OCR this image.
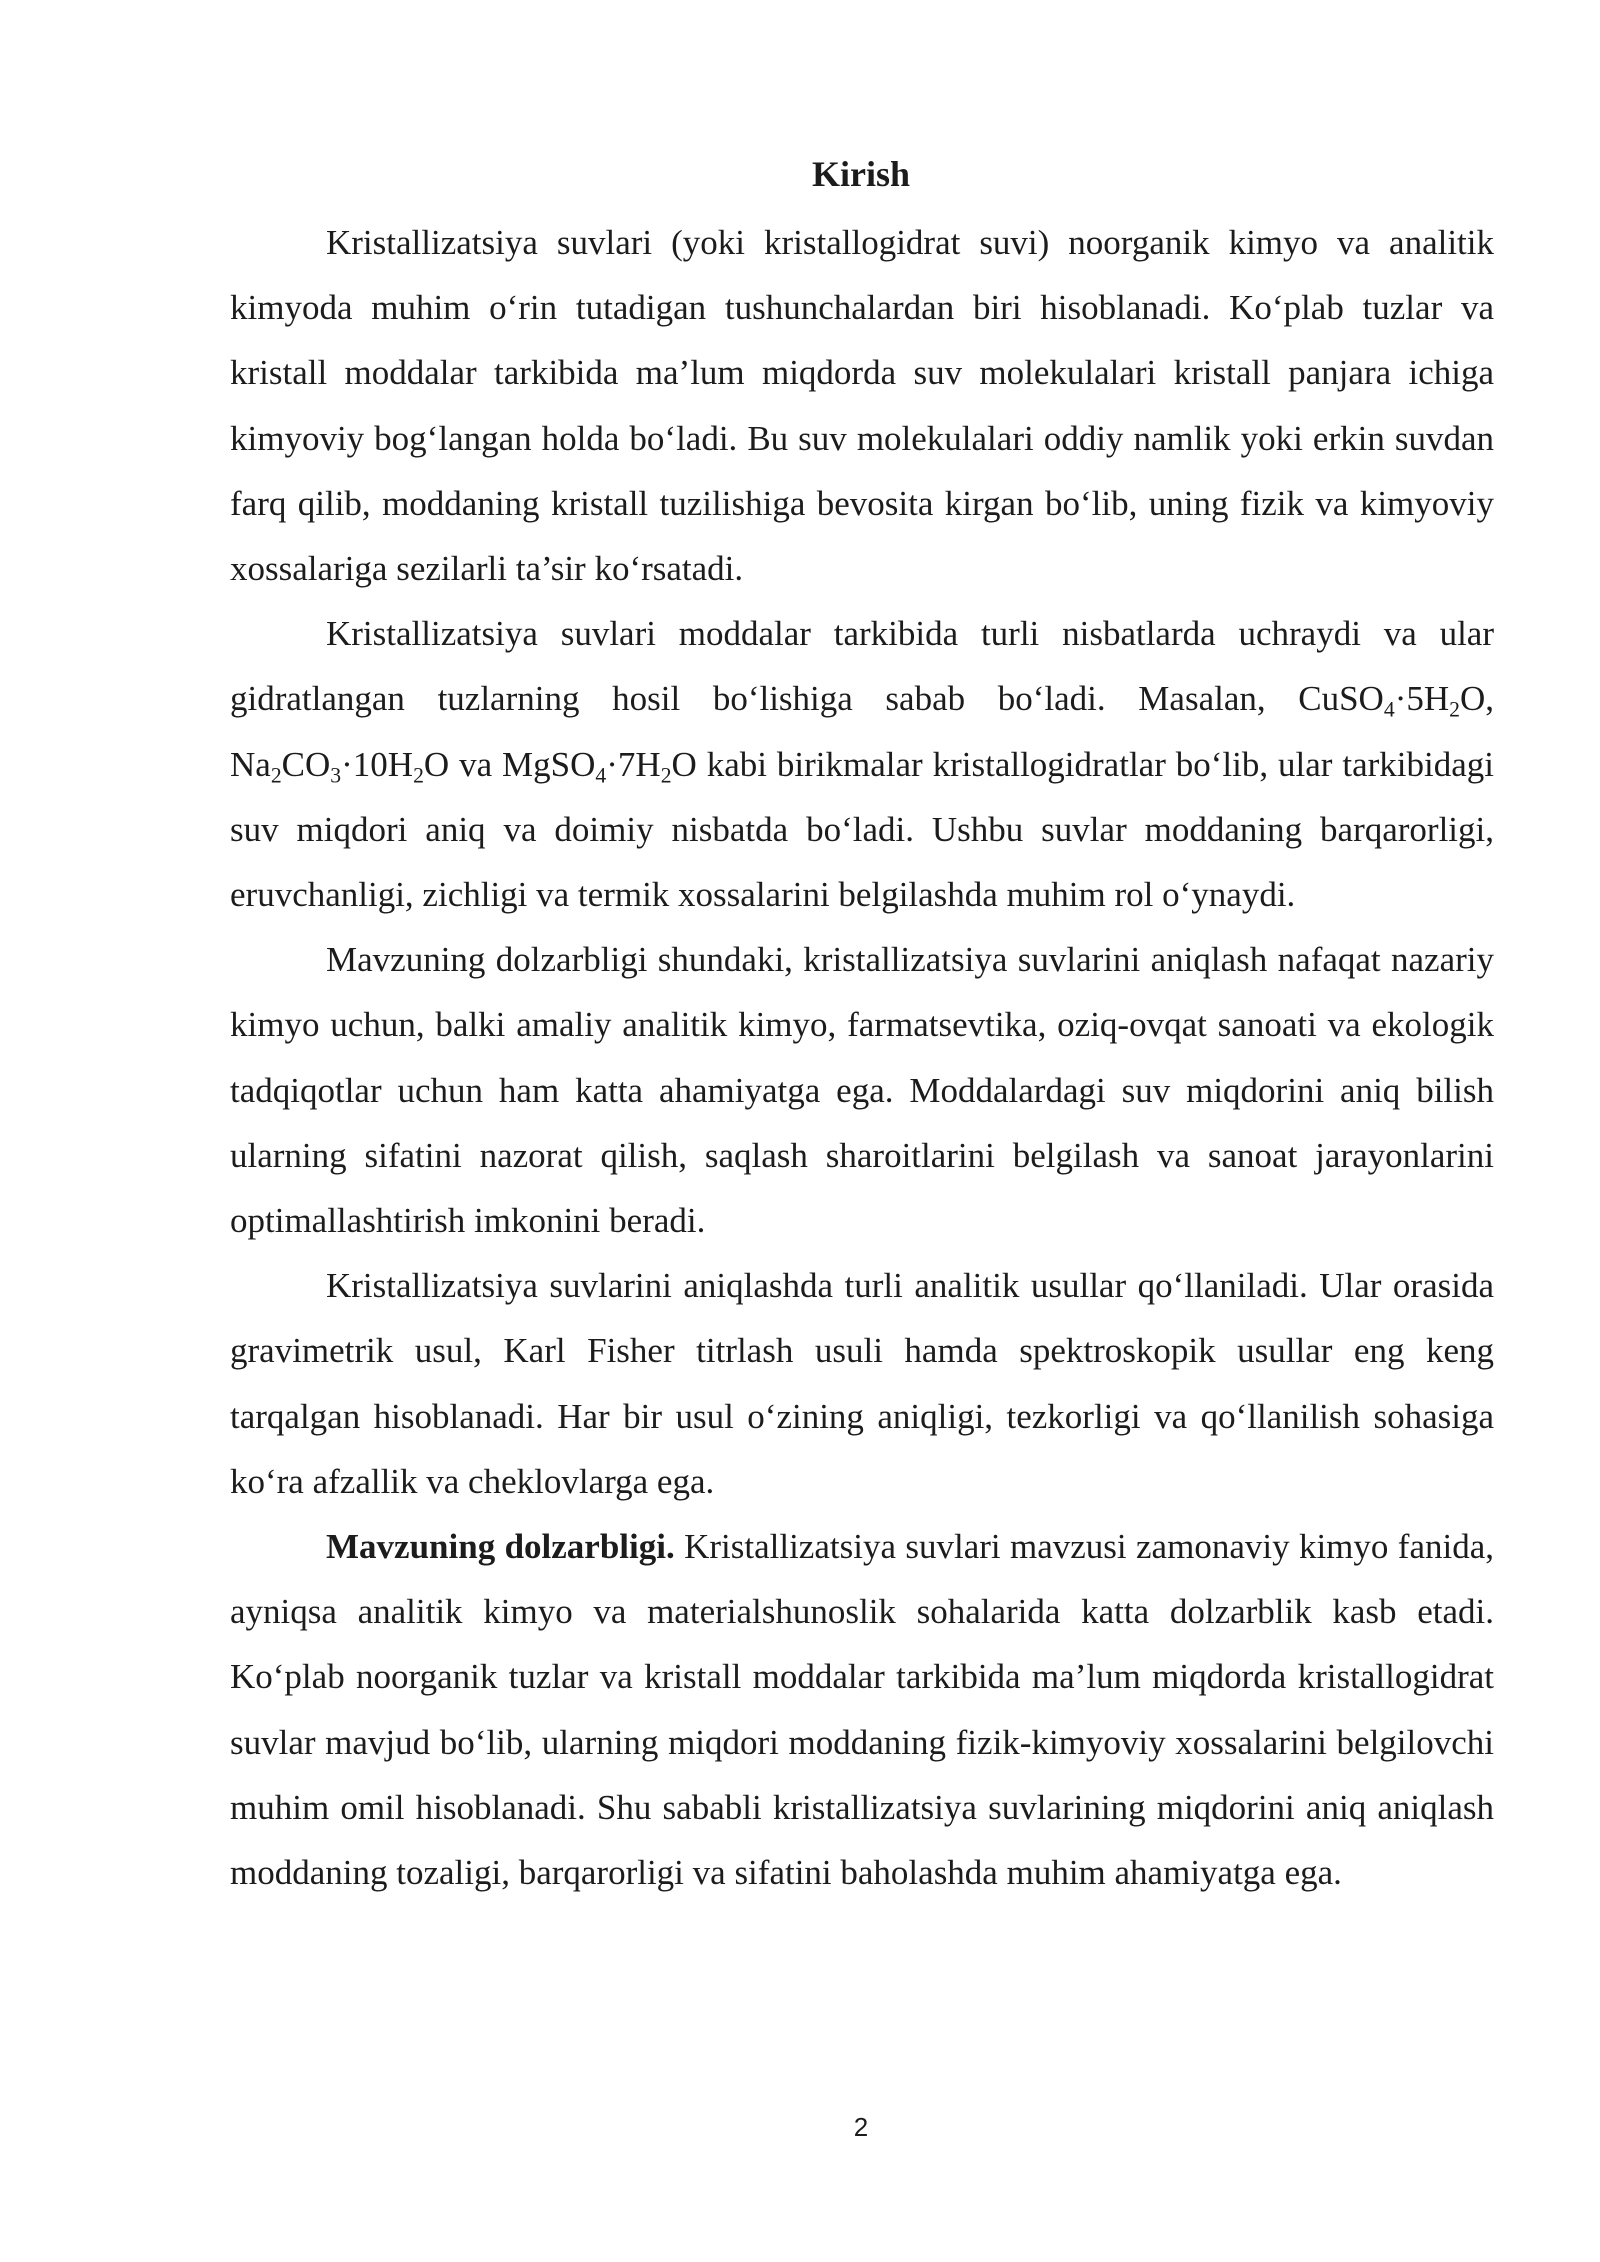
Kirish

Kristallizatsiya suvlari (yoki kristallogidrat suvi) noorganik kimyo va analitik kimyoda muhim o‘rin tutadigan tushunchalardan biri hisoblanadi. Ko‘plab tuzlar va kristall moddalar tarkibida ma’lum miqdorda suv molekulalari kristall panjara ichiga kimyoviy bog‘langan holda bo‘ladi. Bu suv molekulalari oddiy namlik yoki erkin suvdan farq qilib, moddaning kristall tuzilishiga bevosita kirgan bo‘lib, uning fizik va kimyoviy xossalariga sezilarli ta’sir ko‘rsatadi.

Kristallizatsiya suvlari moddalar tarkibida turli nisbatlarda uchraydi va ular gidratlangan tuzlarning hosil bo‘lishiga sabab bo‘ladi. Masalan, $CuSO_4\cdot 5H_2O$, $Na_2CO_3\cdot 10H_2O$ va $MgSO_4\cdot 7H_2O$ kabi birikmalar kristallogidratlar bo‘lib, ular tarkibidagi suv miqdori aniq va doimiy nisbatda bo‘ladi. Ushbu suvlar moddaning barqarorligi, eruvchanligi, zichligi va termik xossalarini belgilashda muhim rol o‘ynaydi.

Mavzuning dolzarbligi shundaki, kristallizatsiya suvlarini aniqlash nafaqat nazariy kimyo uchun, balki amaliy analitik kimyo, farmatsevtika, oziq-ovqat sanoati va ekologik tadqiqotlar uchun ham katta ahamiyatga ega. Moddalardagi suv miqdorini aniq bilish ularning sifatini nazorat qilish, saqlash sharoitlarini belgilash va sanoat jarayonlarini optimallashtirish imkonini beradi.

Kristallizatsiya suvlarini aniqlashda turli analitik usullar qo‘llaniladi. Ular orasida gravimetrik usul, Karl Fisher titrlash usuli hamda spektroskopik usullar eng keng tarqalgan hisoblanadi. Har bir usul o‘zining aniqligi, tezkorligi va qo‘llanilish sohasiga ko‘ra afzallik va cheklovlarga ega.

Mavzuning dolzarbligi. Kristallizatsiya suvlari mavzusi zamonaviy kimyo fanida, ayniqsa analitik kimyo va materialshunoslik sohalarida katta dolzarblik kasb etadi. Ko‘plab noorganik tuzlar va kristall moddalar tarkibida ma’lum miqdorda kristallogidrat suvlar mavjud bo‘lib, ularning miqdori moddaning fizik-kimyoviy xossalarini belgilovchi muhim omil hisoblanadi. Shu sababli kristallizatsiya suvlarining miqdorini aniq aniqlash moddaning tozaligi, barqarorligi va sifatini baholashda muhim ahamiyatga ega.

2
